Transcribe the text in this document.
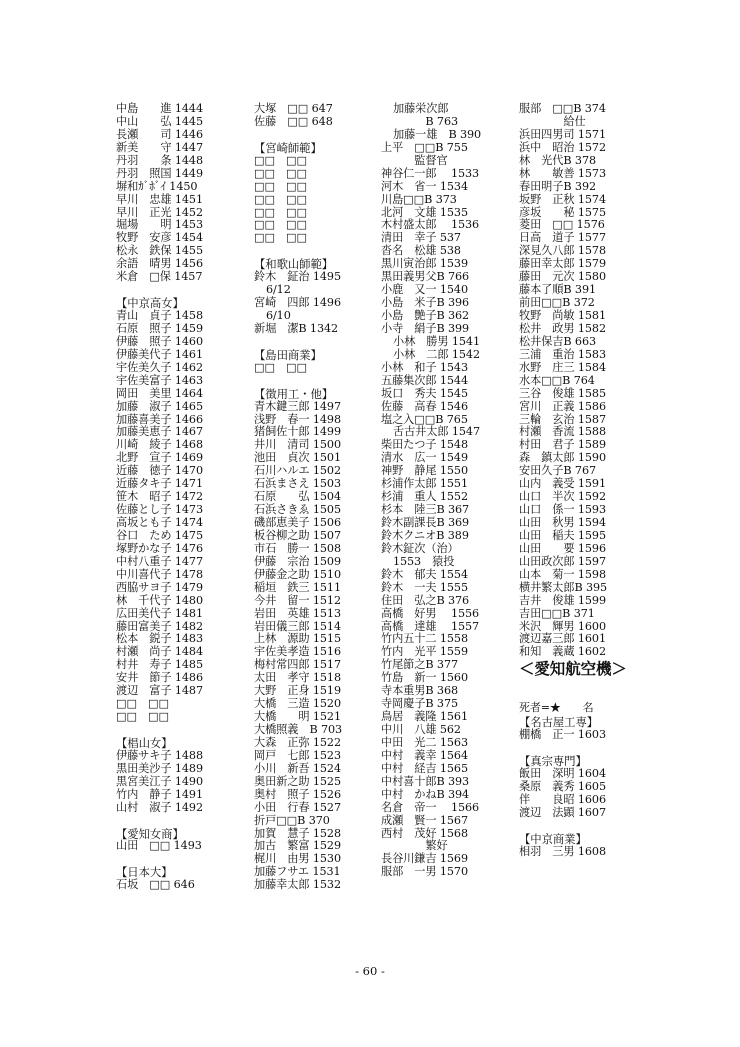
中島　　進 1444
中山　　弘 1445
長瀬　　司 1446
新美　　守 1447
丹羽　　条 1448
丹羽　照国 1449
塀和ｶﾞﾎﾞｲ 1450
早川　忠雄 1451
早川　正光 1452
堀場　　明 1453
牧野　安彦 1454
松永　鉄保 1455
余語　晴男 1456
米倉　□保 1457
【中京高女】
青山　貞子 1458
石原　照子 1459
伊藤　照子 1460
伊藤美代子 1461
宇佐美久子 1462
宇佐美富子 1463
岡田　美里 1464
加藤　淑子 1465
加藤喜美子 1466
加藤美恵子 1467
川崎　綾子 1468
北野　宣子 1469
近藤　徳子 1470
近藤タキ子 1471
笹木　昭子 1472
佐藤とし子 1473
高坂とも子 1474
谷口　ため 1475
塚野かな子 1476
中村八重子 1477
中川喜代子 1478
西脇サヨ子 1479
林　千代子 1480
広田美代子 1481
藤田富美子 1482
松本　鋭子 1483
村瀬　尚子 1484
村井　寿子 1485
安井　節子 1486
渡辺　富子 1487
□□　□□
□□　□□
【椙山女】
伊藤サキ子 1488
黒田美沙子 1489
黒宮美江子 1490
竹内　静子 1491
山村　淑子 1492
【愛知女商】
山田　□□ 1493
【日本大】
石坂　□□ 646
大塚　□□ 647
佐藤　□□ 648
【宮崎師範】
□□　□□
□□　□□
□□　□□
□□　□□
□□　□□
□□　□□
□□　□□
【和歌山師範】
鈴木　鉦治 1495
6/12
宮崎　四郎 1496
6/10
新堀　潔B 1342
【島田商業】
□□　□□
【徴用工・他】
青木鍵三郎 1497
浅野　春一 1498
猪飼佐十郎 1499
井川　清司 1500
池田　貞次 1501
石川ハルエ 1502
石浜まさえ 1503
石原　　弘 1504
石浜さきゑ 1505
磯部恵美子 1506
板谷柳之助 1507
市石　勝一 1508
伊藤　宗治 1509
伊藤金之助 1510
稲垣　鉄三 1511
今井　留一 1512
岩田　英雄 1513
岩田儀三郎 1514
上林　源助 1515
宇佐美孝造 1516
梅村常四郎 1517
太田　孝守 1518
大野　正身 1519
大橋　三造 1520
大橋　　明 1521
大橋照義　B 703
大森　正弥 1522
岡戸　七郎 1523
小川　新吾 1524
奥田新之助 1525
奥村　照子 1526
小田　行春 1527
折戸□□B 370
加賀　慧子 1528
加古　繁富 1529
梶川　由男 1530
加藤フサエ 1531
加藤幸太郎 1532
加藤栄次郎
　　　　B 763
加藤一雄　B 390
上平　□□B 755
　　　監督官
神谷仁一郎　 1533
河木　省一 1534
川島□□B 373
北河　文雄 1535
木村盛太郎　 1536
清田　幸子 537
沓名　松雄 538
黒川寅治郎 1539
黒田義男父B 766
小鹿　又一 1540
小島　米子B 396
小島　艶子B 362
小寺　絹子B 399
小林　勝男 1541
小林　二郎 1542
小林　和子 1543
五藤集次郎 1544
坂口　秀夫 1545
佐藤　高春 1546
塩之入□□B 765
舌古井太郎 1547
柴田たつ子 1548
清水　広一 1549
神野　静尾 1550
杉浦作太郎 1551
杉浦　重人 1552
杉本　陸三B 367
鈴木副課長B 369
鈴木クニオB 389
鈴木鉦次（治）
1553　猿投
鈴木　郁夫 1554
鈴木　一夫 1555
住田　弘之B 376
高橋　好男　 1556
高橋　達雄　 1557
竹内五十二 1558
竹内　光平 1559
竹尾節之B 377
竹島　新一 1560
寺本重男B 368
寺岡慶子B 375
鳥居　義隆 1561
中川　八雄 562
中田　光二 1563
中村　義幸 1564
中村　経吉 1565
中村喜十郎B 393
中村　かねB 394
名倉　帝一　 1566
成瀬　賢一 1567
西村　茂好 1568
　　　　繁好
長谷川鎌吉 1569
服部　一男 1570
服部　□□B 374
　　　　給仕
浜田四男司 1571
浜中　昭治 1572
林　光代B 378
林　　敏善 1573
春田明子B 392
坂野　正秋 1574
彦坂　　秘 1575
菱田　□□ 1576
日高　道子 1577
深見久八郎 1578
藤田幸太郎 1579
藤田　元次 1580
藤本了順B 391
前田□□B 372
牧野　尚敏 1581
松井　政男 1582
松井保吉B 663
三浦　重治 1583
水野　庄三 1584
水本□□B 764
三谷　俊雄 1585
宮川　正義 1586
三輪　玄治 1587
村瀬　香流 1588
村田　君子 1589
森　鎮太郎 1590
安田久子B 767
山内　義受 1591
山口　半次 1592
山口　係一 1593
山田　秋男 1594
山田　稲夫 1595
山田　　要 1596
山田政次郎 1597
山本　菊一 1598
横井繁太郎B 395
吉井　俊雄 1599
吉田□□B 371
米沢　輝男 1600
渡辺嘉三郎 1601
和知　義蔵 1602
＜愛知航空機＞
死者=★　　名
【名古屋工専】
棚橋　正一 1603
【真宗専門】
飯田　深明 1604
桑原　義秀 1605
伴　　良昭 1606
渡辺　法顕 1607
【中京商業】
相羽　三男 1608
- 60 -
